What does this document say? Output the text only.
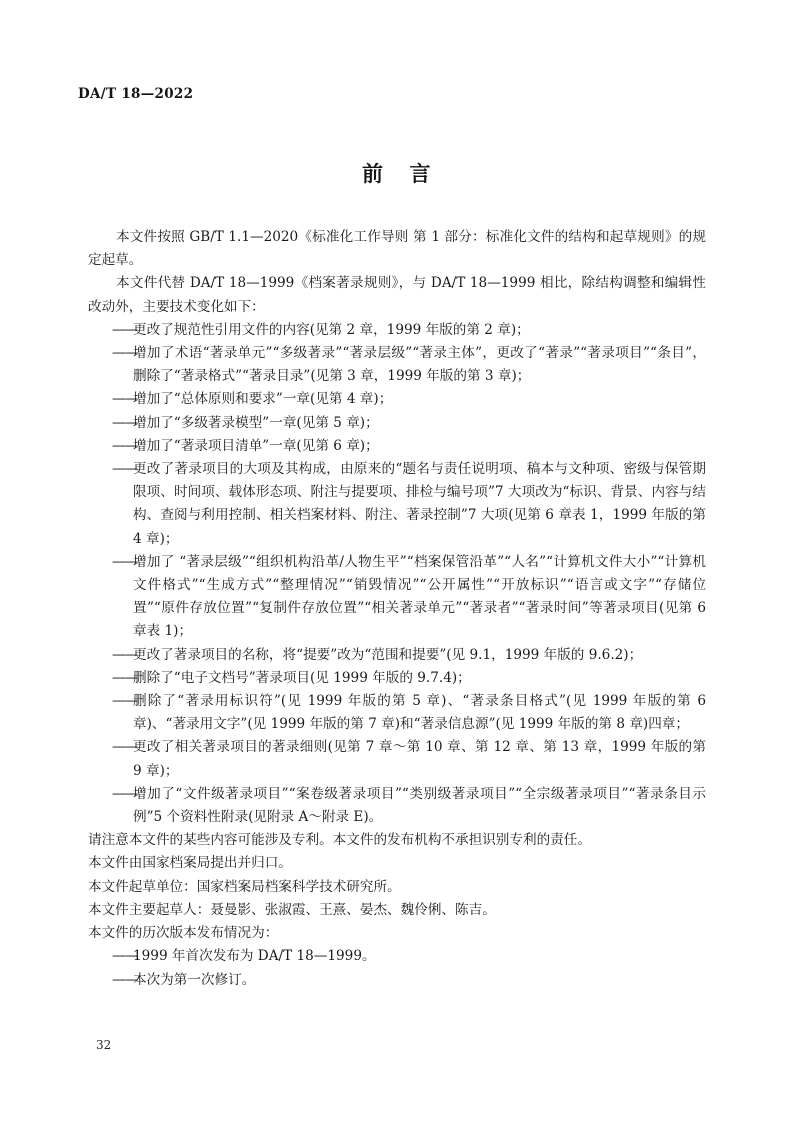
DA/T 18—2022
前 言

本文件按照 GB/T 1.1—2020《标准化工作导则 第 1 部分：标准化文件的结构和起草规则》的规定起草。

本文件代替 DA/T 18—1999《档案著录规则》，与 DA/T 18—1999 相比，除结构调整和编辑性改动外，主要技术变化如下：

——
更改了规范性引用文件的内容(见第 2 章，1999 年版的第 2 章)；
——
增加了术语“著录单元”“多级著录”“著录层级”“著录主体”，更改了“著录”“著录项目”“条目”，删除了“著录格式”“著录目录”(见第 3 章，1999 年版的第 3 章)；
——
增加了“总体原则和要求”一章(见第 4 章)；
——
增加了“多级著录模型”一章(见第 5 章)；
——
增加了“著录项目清单”一章(见第 6 章)；
——
更改了著录项目的大项及其构成，由原来的“题名与责任说明项、稿本与文种项、密级与保管期限项、时间项、载体形态项、附注与提要项、排检与编号项”7 大项改为“标识、背景、内容与结构、查阅与利用控制、相关档案材料、附注、著录控制”7 大项(见第 6 章表 1，1999 年版的第 4 章)；
——
增加了 “著录层级”“组织机构沿革/人物生平”“档案保管沿革”“人名”“计算机文件大小”“计算机文件格式”“生成方式”“整理情况”“销毁情况”“公开属性”“开放标识”“语言或文字”“存储位置”“原件存放位置”“复制件存放位置”“相关著录单元”“著录者”“著录时间”等著录项目(见第 6 章表 1)；
——
更改了著录项目的名称，将“提要”改为“范围和提要”(见 9.1，1999 年版的 9.6.2)；
——
删除了“电子文档号”著录项目(见 1999 年版的 9.7.4)；
——
删除了“著录用标识符”(见 1999 年版的第 5 章)、“著录条目格式”(见 1999 年版的第 6 章)、“著录用文字”(见 1999 年版的第 7 章)和“著录信息源”(见 1999 年版的第 8 章)四章；
——
更改了相关著录项目的著录细则(见第 7 章～第 10 章、第 12 章、第 13 章，1999 年版的第 9 章)；
——
增加了“文件级著录项目”“案卷级著录项目”“类别级著录项目”“全宗级著录项目”“著录条目示例”5 个资料性附录(见附录 A～附录 E)。

请注意本文件的某些内容可能涉及专利。本文件的发布机构不承担识别专利的责任。

本文件由国家档案局提出并归口。

本文件起草单位：国家档案局档案科学技术研究所。

本文件主要起草人：聂曼影、张淑霞、王熹、晏杰、魏伶俐、陈吉。

本文件的历次版本发布情况为：

——
1999 年首次发布为 DA/T 18—1999。
——
本次为第一次修订。
32
